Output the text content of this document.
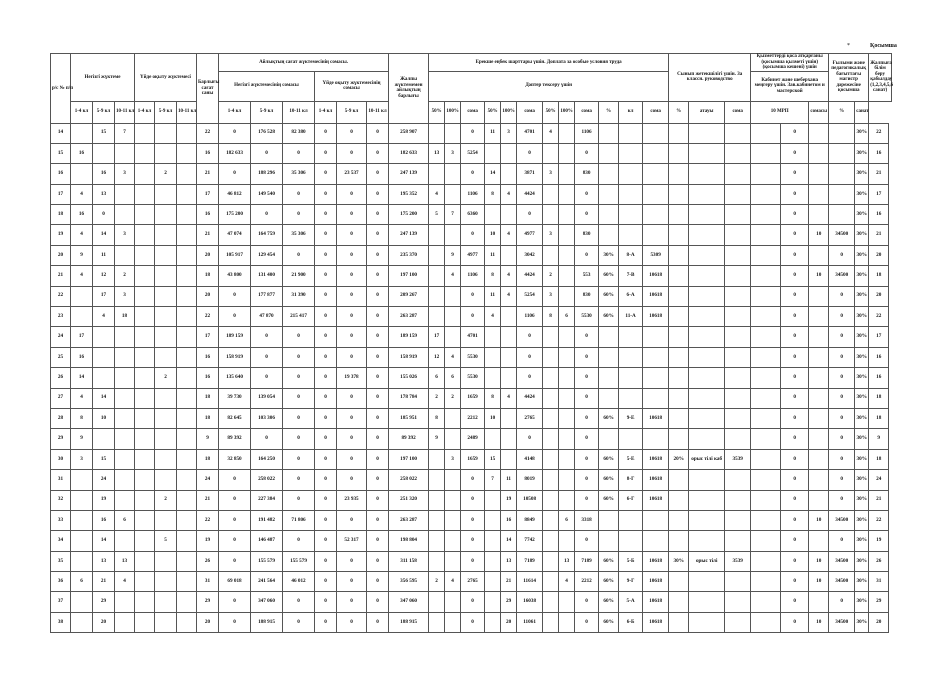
*	Қосымша
р/с № п/п	Негізгі жүктеме			Үйде оқыту жүктемесі			Барлығы сағат саны	Айлықтың сағат жүктемесінің сомасы.						Жалпы жүктемемен айлықтың барлығы	Ерекше еңбек шарттары үшін. Доплата за особые условия труда												Сынып жетекшілігі үшін. За классн. руководство			Қызметтерді қоса атқарғаны (қосымша қызметі үшін) (қосымша кешені) үшін			Ғылыми және педагогикалық бағыттағы магистр дәрежесіне қосымша		Жалпыға білім беру қабылдау (1,2,3,4,5,6 санат)
								Негізгі жүктемесінің сомасы			Үйде оқыту жүктемесінің сомасы				Дәптер тексеру үшін															Кабинет және шеберхана меңгеру үшін. Зав.кабинетом и мастерской					
	1-4 кл	5-9 кл	10-11 кл	1-4 кл	5-9 кл	10-11 кл		1-4 кл	5-9 кл	10-11 кл	1-4 кл	5-9 кл	10-11 кл		50%	100%	сома	50%	100%	сома	50%	100%	сома	%	кл	сома	%	атауы	сома	10 МРП		сомасы	%	санат	
14		15	7				22	0	176 528	82 380	0	0	0	258 907			0	11	3	4701	4		1106								0			30%	22
15	16						16	182 633	0	0	0	0	0	182 633	13	3	5254			0			0								0			30%	16
16		16	3		2		21	0	188 296	35 306	0	23 537	0	247 139			0	14		3871	3		830								0			30%	21
17	4	13					17	46 812	149 540	0	0	0	0	195 352	4		1106	8	4	4424			0								0			30%	17
18	16	0					16	175 200	0	0	0	0	0	175 200	5	7	6360			0			0								0			30%	16
19	4	14	3				21	47 074	164 759	35 306	0	0	0	247 139			0	10	4	4977	3		830								0	10	34500	30%	21
20	9	11					20	105 917	129 454	0	0	0	0	235 370		9	4977	11		3042			0	30%	8-А	5309					0		0	30%	20
21	4	12	2				18	43 800	131 400	21 900	0	0	0	197 100		4	1106	8	4	4424	2		553	60%	7-В	10618					0	10	34500	30%	18
22		17	3				20	0	177 877	31 390	0	0	0	209 267			0	11	4	5254	3		830	60%	6-А	10618					0		0	30%	20
23		4	18				22	0	47 870	215 417	0	0	0	263 287			0	4		1106	8	6	5530	60%	11-А	10618					0		0	30%	22
24	17						17	189 159	0	0	0	0	0	189 159	17		4701			0			0								0		0	30%	17
25	16						16	158 919	0	0	0	0	0	158 919	12	4	5530			0			0								0		0	30%	16
26	14				2		16	135 640	0	0	0	19 378	0	155 026	6	6	5530			0			0								0		0	30%	16
27	4	14					18	39 730	139 054	0	0	0	0	178 784	2	2	1659	8	4	4424			0								0		0	30%	18
28	8	10					18	82 645	103 306	0	0	0	0	185 951	8		2212	10		2765			0	60%	9-Е	10618					0		0	30%	18
29	9						9	89 392	0	0	0	0	0	89 392	9		2489			0			0								0		0	30%	9
30	3	15					18	32 850	164 250	0	0	0	0	197 100		3	1659	15		4148			0	60%	5-Е	10618	20%	орыс тілі каб	3539		0		0	30%	18
31		24					24	0	258 022	0	0	0	0	258 022			0	7	11	8019			0	60%	8-Г	10618					0		0	30%	24
32		19			2		21	0	227 384	0	0	23 935	0	251 320			0		19	10508			0	60%	6-Г	10618					0		0	30%	21
33		16	6				22	0	191 482	71 806	0	0	0	263 287			0		16	8849		6	3318								0	10	34500	30%	22
34		14			5		19	0	146 487	0	0	52 317	0	198 804			0		14	7742			0								0		0	30%	19
35		13	13				26	0	155 579	155 579	0	0	0	311 158			0		13	7189		13	7189	60%	5-Б	10618	30%	орыс тілі	3539		0	10	34500	30%	26
36	6	21	4				31	69 018	241 564	46 012	0	0	0	356 595	2	4	2765		21	11614		4	2212	60%	9-Г	10618					0	10	34500	30%	31
37		29					29	0	347 060	0	0	0	0	347 060			0		29	16038			0	60%	5-А	10618					0		0	30%	29
38		20					20	0	188 915	0	0	0	0	188 915			0		20	11061			0	60%	6-Б	10618					0	10	34500	30%	20
